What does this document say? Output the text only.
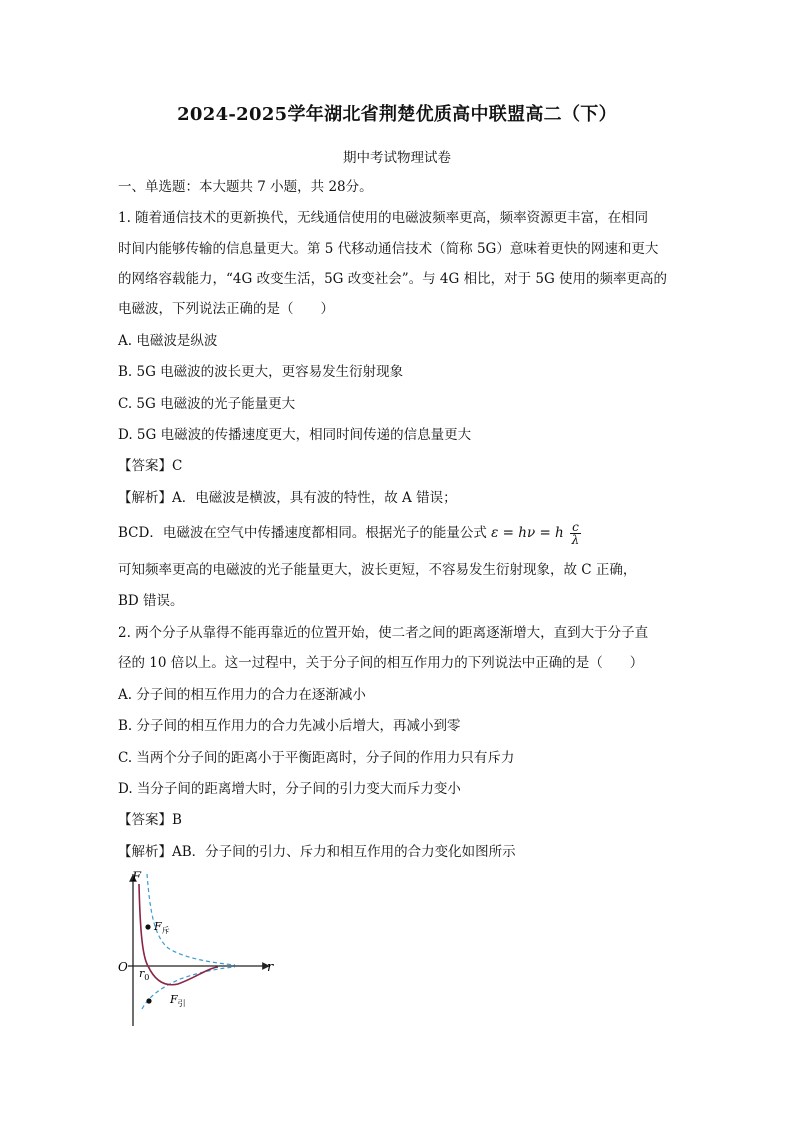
2024-2025学年湖北省荆楚优质高中联盟高二（下）
期中考试物理试卷
一、单选题：本大题共 7 小题，共 28分。
1. 随着通信技术的更新换代，无线通信使用的电磁波频率更高，频率资源更丰富，在相同
时间内能够传输的信息量更大。第 5 代移动通信技术（简称 5G）意味着更快的网速和更大
的网络容载能力，“4G 改变生活，5G 改变社会”。与 4G 相比，对于 5G 使用的频率更高的
电磁波，下列说法正确的是（　　）
A. 电磁波是纵波
B. 5G 电磁波的波长更大，更容易发生衍射现象
C. 5G 电磁波的光子能量更大
D. 5G 电磁波的传播速度更大，相同时间传递的信息量更大
【答案】C
【解析】A．电磁波是横波，具有波的特性，故 A 错误；
BCD．电磁波在空气中传播速度都相同。根据光子的能量公式 ε = hν = h $\frac{c}{\lambda}$
可知频率更高的电磁波的光子能量更大，波长更短，不容易发生衍射现象，故 C 正确，
BD 错误。
2. 两个分子从靠得不能再靠近的位置开始，使二者之间的距离逐渐增大，直到大于分子直
径的 10 倍以上。这一过程中，关于分子间的相互作用力的下列说法中正确的是（　　）
A. 分子间的相互作用力的合力在逐渐减小
B. 分子间的相互作用力的合力先减小后增大，再减小到零
C. 当两个分子间的距离小于平衡距离时，分子间的作用力只有斥力
D. 当分子间的距离增大时，分子间的引力变大而斥力变小
【答案】B
【解析】AB．分子间的引力、斥力和相互作用的合力变化如图所示
F
r
O $r_0$
$F_斥$
$F_引$
